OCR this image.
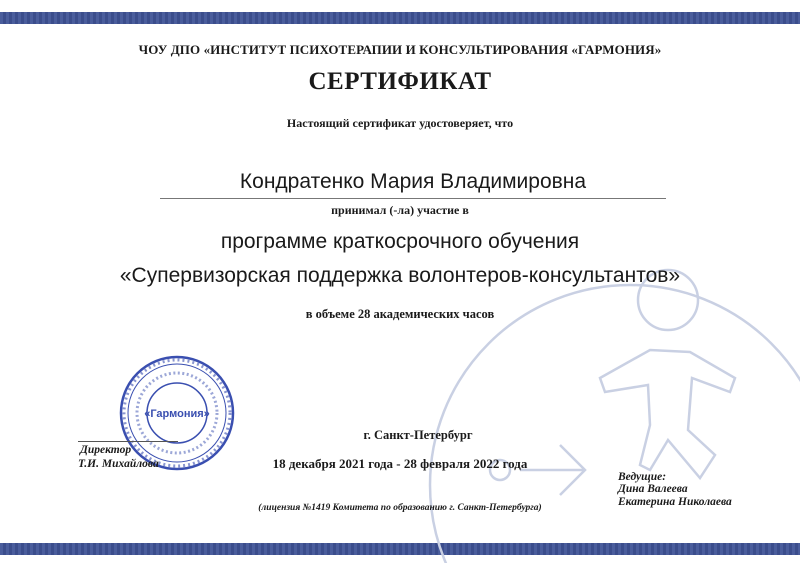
ЧОУ ДПО «ИНСТИТУТ ПСИХОТЕРАПИИ И КОНСУЛЬТИРОВАНИЯ «ГАРМОНИЯ»
СЕРТИФИКАТ
Настоящий сертификат удостоверяет, что
Кондратенко Мария Владимировна
принимал (-ла) участие в
программе краткосрочного обучения
«Супервизорская поддержка волонтеров-консультантов»
в объеме 28 академических часов
«Гармония»
Директор
Т.И. Михайлова
г. Санкт-Петербург
18 декабря 2021 года - 28 февраля 2022 года
Ведущие:
Дина Валеева
Екатерина Николаева
(лицензия №1419 Комитета по образованию г. Санкт-Петербурга)
